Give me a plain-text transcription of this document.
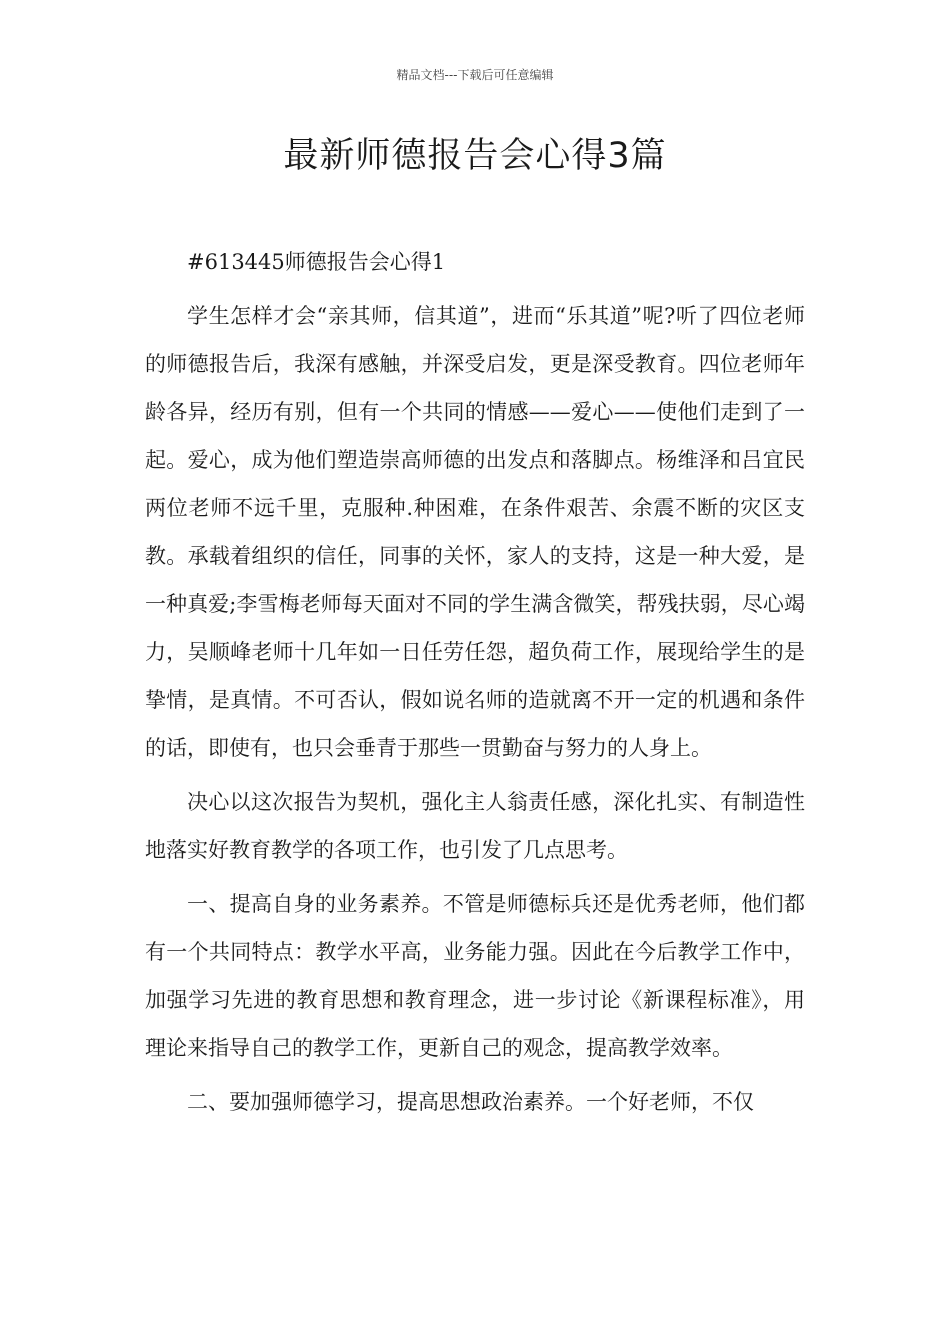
精品文档---下载后可任意编辑
最新师德报告会心得3篇

#613445师德报告会心得1

学生怎样才会“亲其师，信其道”，进而“乐其道”呢?听了四位老师的师德报告后，我深有感触，并深受启发，更是深受教育。四位老师年龄各异，经历有别，但有一个共同的情感——爱心——使他们走到了一起。爱心，成为他们塑造崇高师德的出发点和落脚点。杨维泽和吕宜民两位老师不远千里，克服种.种困难，在条件艰苦、余震不断的灾区支教。承载着组织的信任，同事的关怀，家人的支持，这是一种大爱，是一种真爱;李雪梅老师每天面对不同的学生满含微笑，帮残扶弱，尽心竭力，吴顺峰老师十几年如一日任劳任怨，超负荷工作，展现给学生的是挚情，是真情。不可否认，假如说名师的造就离不开一定的机遇和条件的话，即使有，也只会垂青于那些一贯勤奋与努力的人身上。

决心以这次报告为契机，强化主人翁责任感，深化扎实、有制造性地落实好教育教学的各项工作，也引发了几点思考。

一、提高自身的业务素养。不管是师德标兵还是优秀老师，他们都有一个共同特点：教学水平高，业务能力强。因此在今后教学工作中，加强学习先进的教育思想和教育理念，进一步讨论《新课程标准》，用理论来指导自己的教学工作，更新自己的观念，提高教学效率。

二、要加强师德学习，提高思想政治素养。一个好老师，不仅
